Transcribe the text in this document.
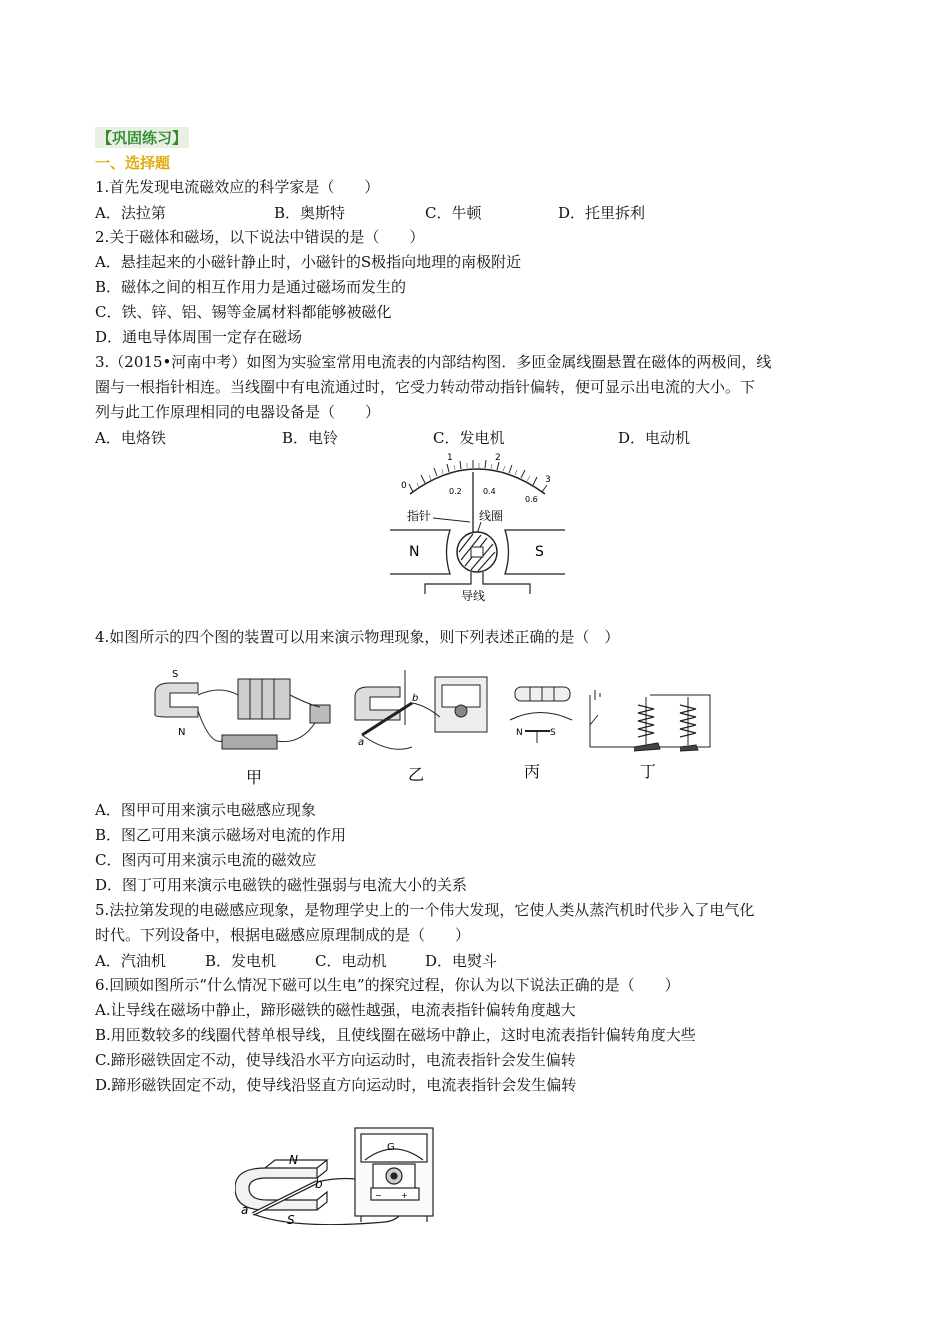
【巩固练习】
一、选择题
1.首先发现电流磁效应的科学家是（　　）
A．法拉第	B．奥斯特	C．牛顿	D．托里拆利
2.关于磁体和磁场，以下说法中错误的是（　　）
A．悬挂起来的小磁针静止时，小磁针的S极指向地理的南极附近
B．磁体之间的相互作用力是通过磁场而发生的
C．铁、锌、铝、锡等金属材料都能够被磁化
D．通电导体周围一定存在磁场
3.（2015•河南中考）如图为实验室常用电流表的内部结构图．多匝金属线圈悬置在磁体的两极间，线
圈与一根指针相连。当线圈中有电流通过时，它受力转动带动指针偏转，便可显示出电流的大小。下
列与此工作原理相同的电器设备是（　　）
A．电烙铁	B．电铃	C．发电机	D．电动机
0
1	2
3
0.2	0.4
0.6
指针	线圈
N	S
导线
4.如图所示的四个图的装置可以用来演示物理现象，则下列表述正确的是（　）
S
N
甲
a
b
乙
N	S
丙	丁
A．图甲可用来演示电磁感应现象
B．图乙可用来演示磁场对电流的作用
C．图丙可用来演示电流的磁效应
D．图丁可用来演示电磁铁的磁性强弱与电流大小的关系
5.法拉第发现的电磁感应现象，是物理学史上的一个伟大发现，它使人类从蒸汽机时代步入了电气化
时代。下列设备中，根据电磁感应原理制成的是（　　）
A．汽油机	B．发电机	C．电动机	D．电熨斗
6.回顾如图所示“什么情况下磁可以生电”的探究过程，你认为以下说法正确的是（　　）
A.让导线在磁场中静止，蹄形磁铁的磁性越强，电流表指针偏转角度越大
B.用匝数较多的线圈代替单根导线，且使线圈在磁场中静止，这时电流表指针偏转角度大些
C.蹄形磁铁固定不动，使导线沿水平方向运动时，电流表指针会发生偏转
D.蹄形磁铁固定不动，使导线沿竖直方向运动时，电流表指针会发生偏转
G
− +
N
S
a
b
